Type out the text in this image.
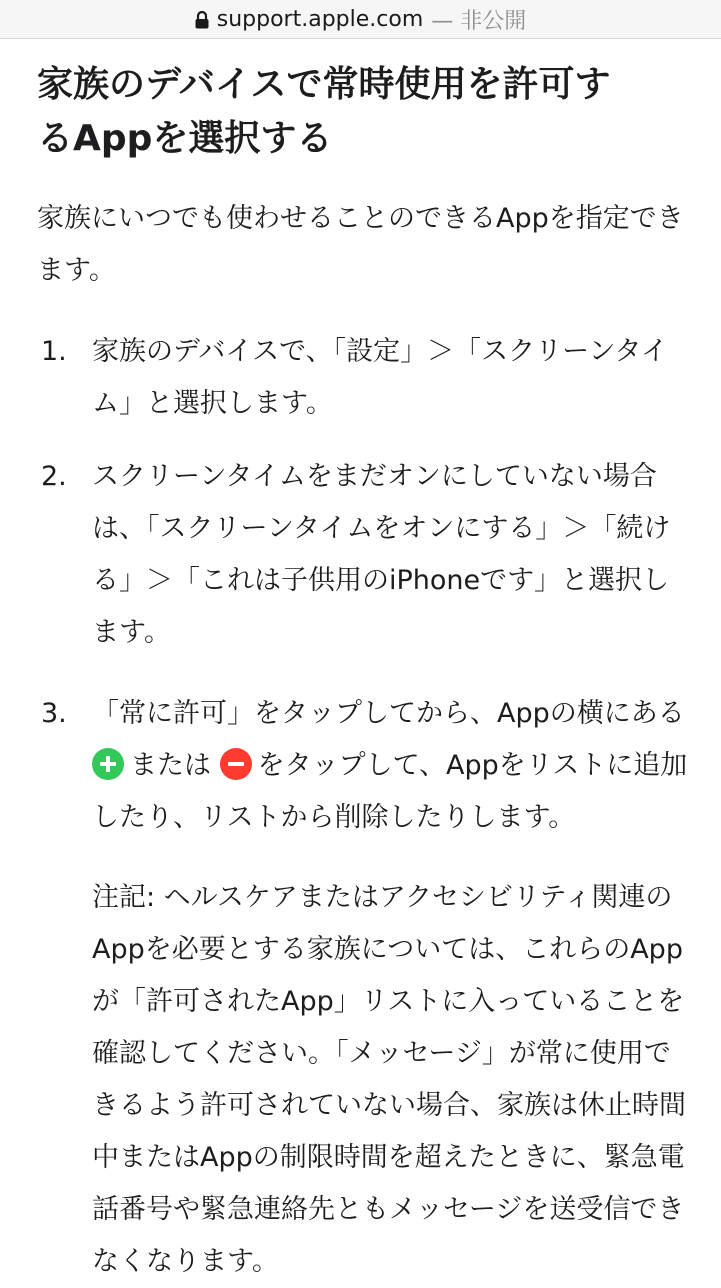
support.apple.com — 非公開
家族のデバイスで常時使用を許可するAppを選択する

家族にいつでも使わせることのできるAppを指定できます。

1. 家族のデバイスで、「設定」＞「スクリーンタイム」と選択します。
2. スクリーンタイムをまだオンにしていない場合は、「スクリーンタイムをオンにする」＞「続ける」＞「これは子供用のiPhoneです」と選択します。
3. 「常に許可」をタップしてから、Appの横にあるまたは をタップして、Appをリストに追加したり、リストから削除したりします。
注記: ヘルスケアまたはアクセシビリティ関連のAppを必要とする家族については、これらのAppが「許可されたApp」リストに入っていることを確認してください。「メッセージ」が常に使用できるよう許可されていない場合、家族は休止時間中またはAppの制限時間を超えたときに、緊急電話番号や緊急連絡先ともメッセージを送受信できなくなります。
